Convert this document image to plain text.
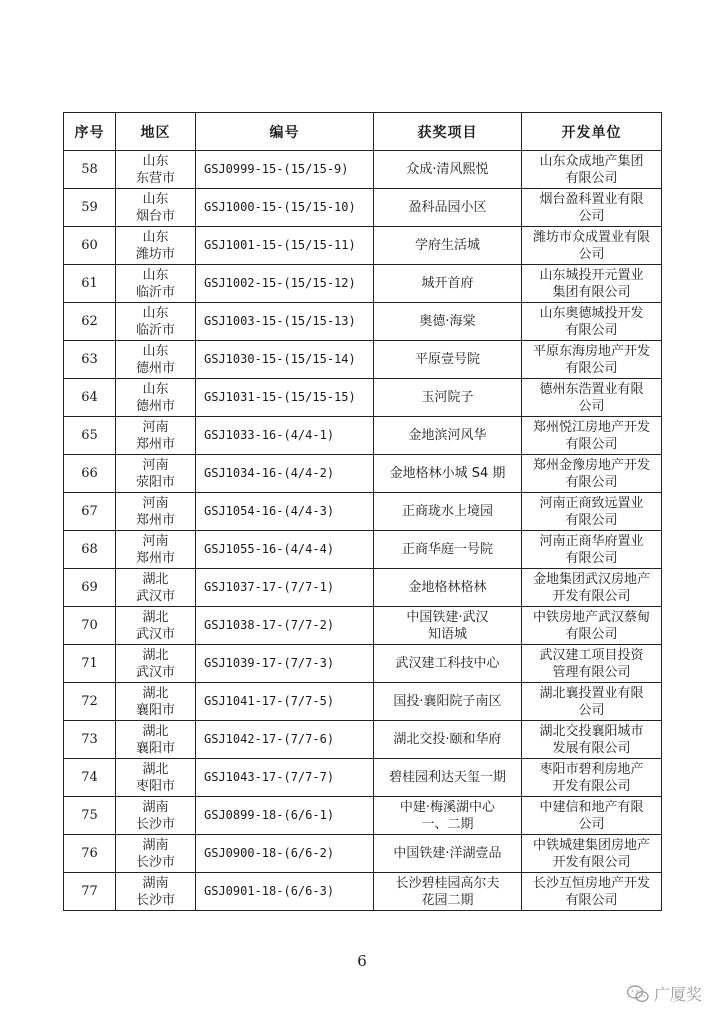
序号	地区	编号	获奖项目	开发单位
58	山东
东营市	GSJ0999-15-(15/15-9)	众成·清风熙悦	山东众成地产集团
有限公司
59	山东
烟台市	GSJ1000-15-(15/15-10)	盈科品园小区	烟台盈科置业有限
公司
60	山东
潍坊市	GSJ1001-15-(15/15-11)	学府生活城	潍坊市众成置业有限
公司
61	山东
临沂市	GSJ1002-15-(15/15-12)	城开首府	山东城投开元置业
集团有限公司
62	山东
临沂市	GSJ1003-15-(15/15-13)	奥德·海棠	山东奥德城投开发
有限公司
63	山东
德州市	GSJ1030-15-(15/15-14)	平原壹号院	平原东海房地产开发
有限公司
64	山东
德州市	GSJ1031-15-(15/15-15)	玉河院子	德州东浩置业有限
公司
65	河南
郑州市	GSJ1033-16-(4/4-1)	金地滨河风华	郑州悦江房地产开发
有限公司
66	河南
荥阳市	GSJ1034-16-(4/4-2)	金地格林小城 S4 期	郑州金豫房地产开发
有限公司
67	河南
郑州市	GSJ1054-16-(4/4-3)	正商珑水上境园	河南正商致远置业
有限公司
68	河南
郑州市	GSJ1055-16-(4/4-4)	正商华庭一号院	河南正商华府置业
有限公司
69	湖北
武汉市	GSJ1037-17-(7/7-1)	金地格林格林	金地集团武汉房地产
开发有限公司
70	湖北
武汉市	GSJ1038-17-(7/7-2)	中国铁建·武汉
知语城	中铁房地产武汉蔡甸
有限公司
71	湖北
武汉市	GSJ1039-17-(7/7-3)	武汉建工科技中心	武汉建工项目投资
管理有限公司
72	湖北
襄阳市	GSJ1041-17-(7/7-5)	国投·襄阳院子南区	湖北襄投置业有限
公司
73	湖北
襄阳市	GSJ1042-17-(7/7-6)	湖北交投·颐和华府	湖北交投襄阳城市
发展有限公司
74	湖北
枣阳市	GSJ1043-17-(7/7-7)	碧桂园利达天玺一期	枣阳市碧利房地产
开发有限公司
75	湖南
长沙市	GSJ0899-18-(6/6-1)	中建·梅溪湖中心
一、二期	中建信和地产有限
公司
76	湖南
长沙市	GSJ0900-18-(6/6-2)	中国铁建·洋湖壹品	中铁城建集团房地产
开发有限公司
77	湖南
长沙市	GSJ0901-18-(6/6-3)	长沙碧桂园高尔夫
花园二期	长沙互恒房地产开发
有限公司
6
广厦奖
